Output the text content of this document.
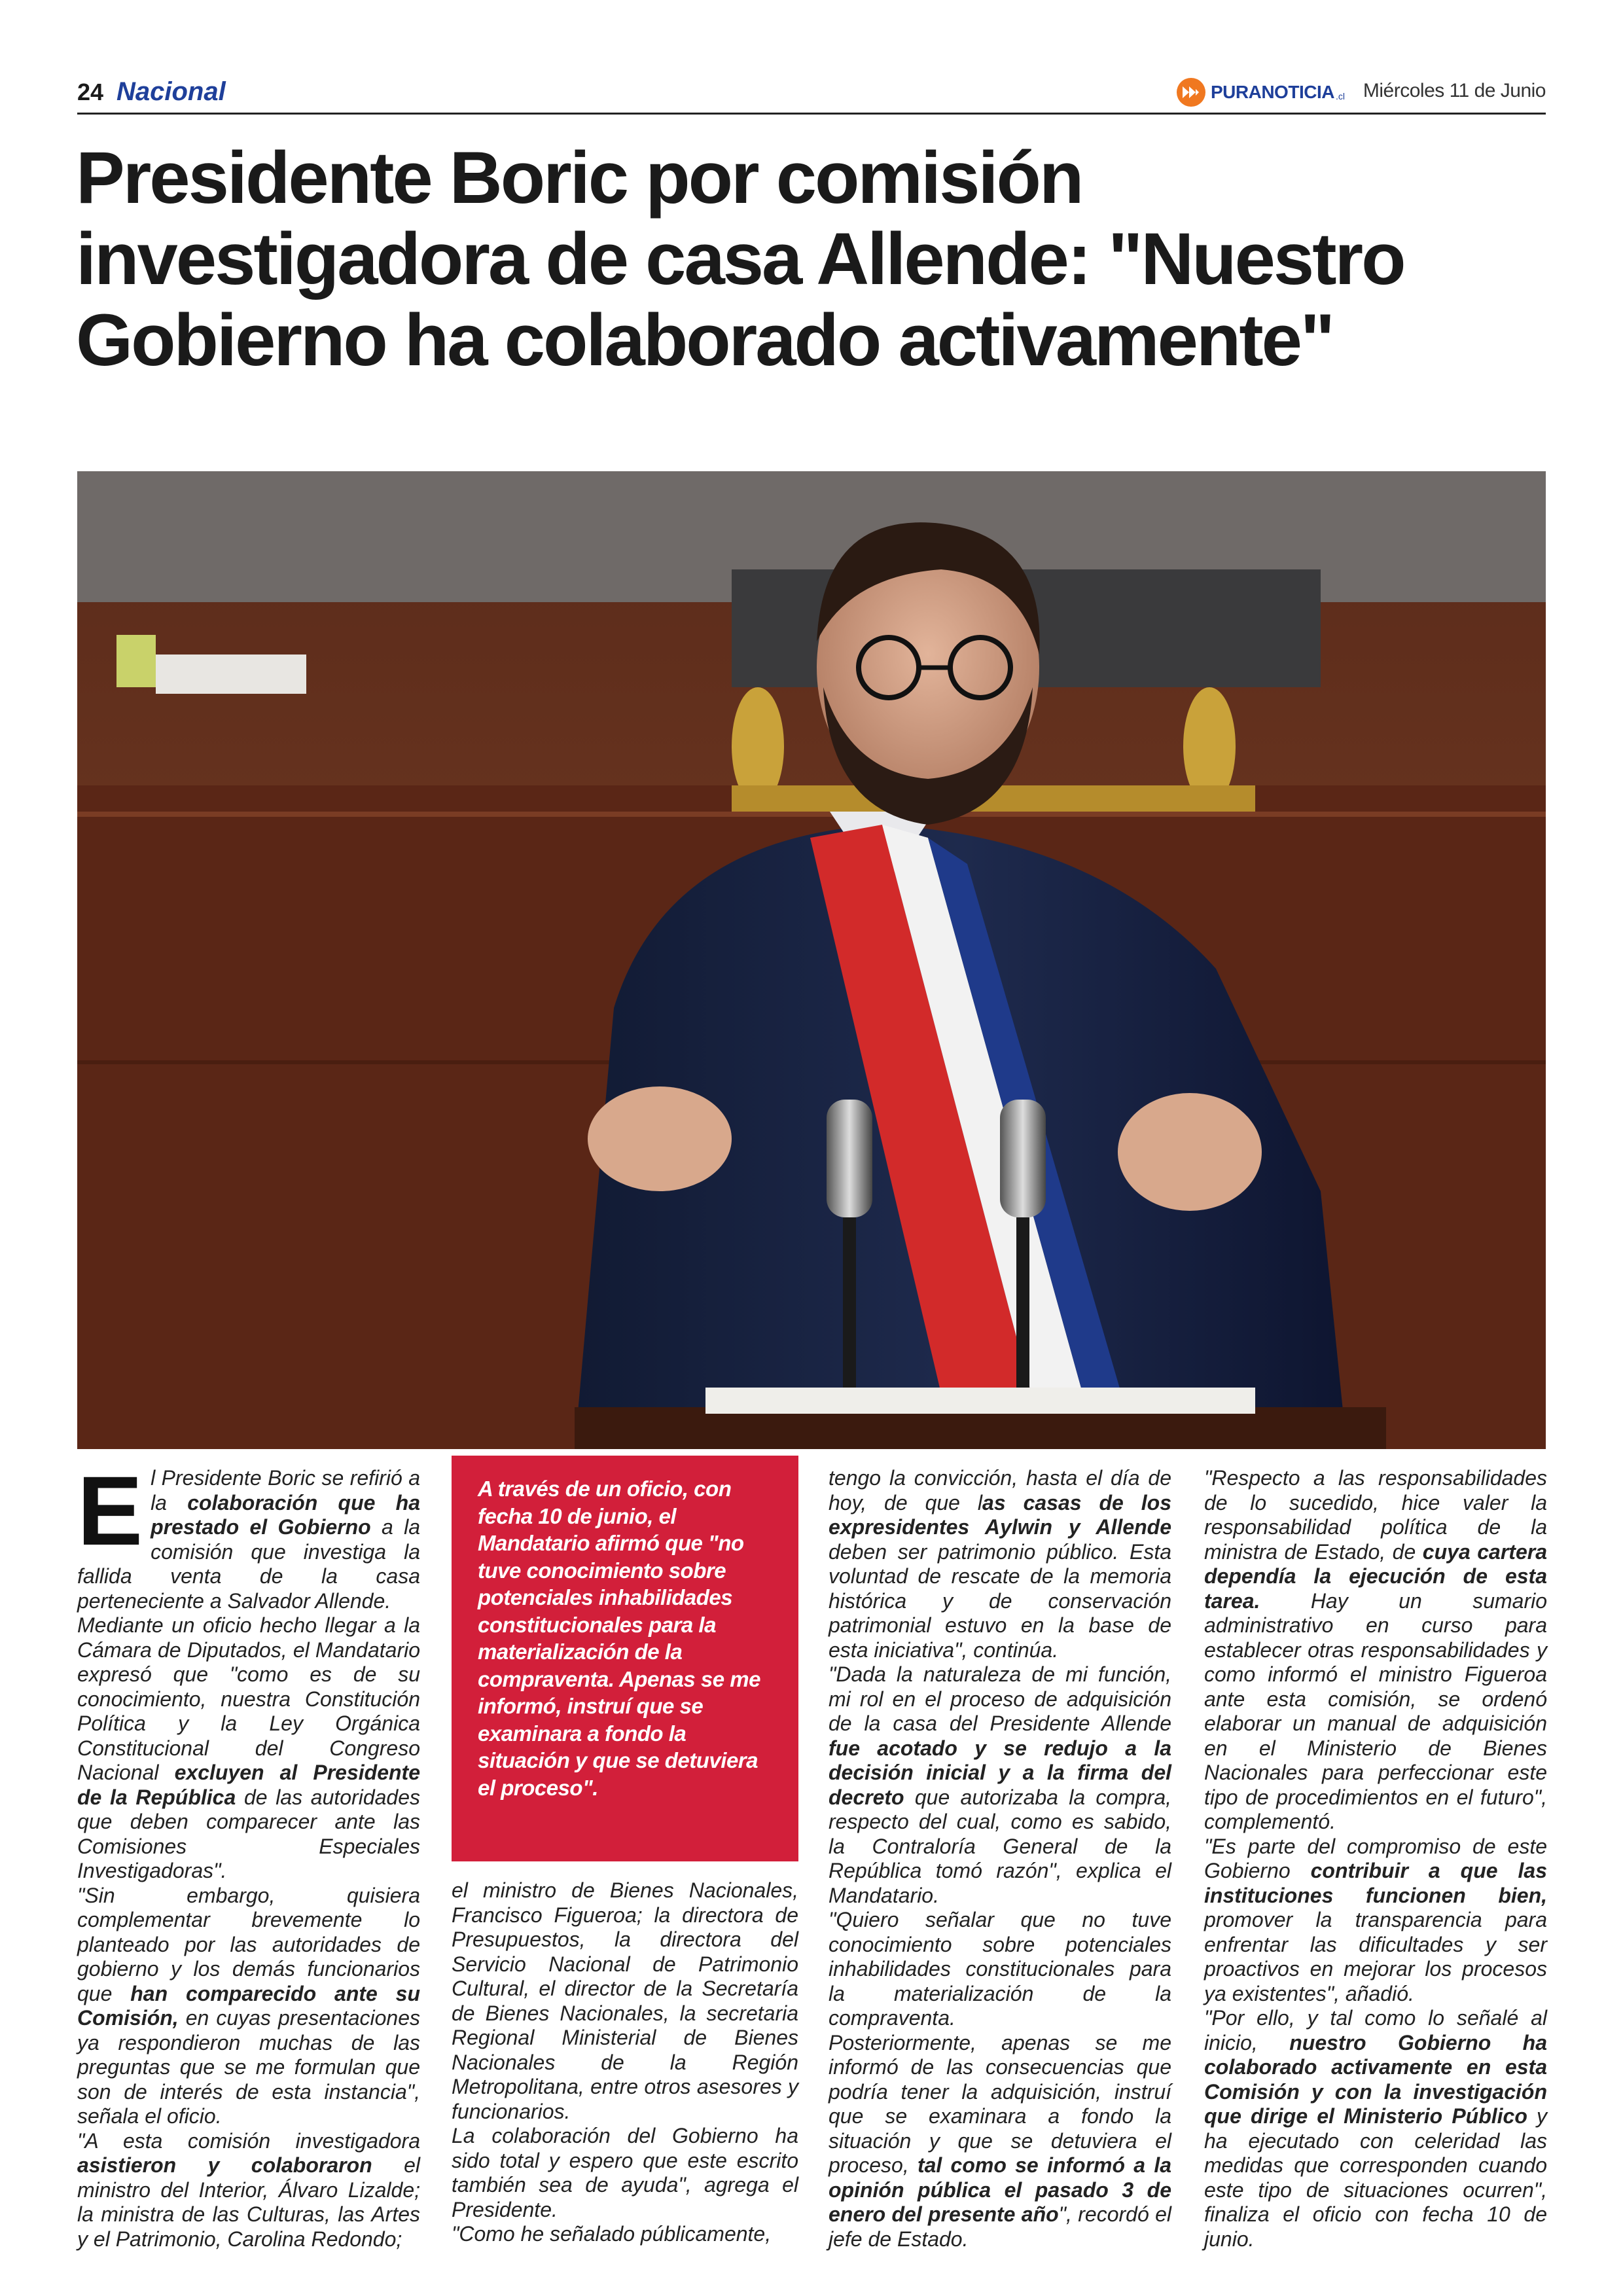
24 Nacional	PURANOTICIA .cl Miércoles 11 de Junio
Presidente Boric por comisión investigadora de casa Allende: "Nuestro Gobierno ha colaborado activamente"

El Presidente Boric se refirió a la colaboración que ha prestado el Gobierno a la comisión que investiga la fallida venta de la casa perteneciente a Salvador Allende.

Mediante un oficio hecho llegar a la Cámara de Diputados, el Mandatario expresó que "como es de su conocimiento, nuestra Constitución Política y la Ley Orgánica Constitucional del Congreso Nacional excluyen al Presidente de la República de las autoridades que deben comparecer ante las Comisiones Especiales Investigadoras".

"Sin embargo, quisiera complementar brevemente lo planteado por las autoridades de gobierno y los demás funcionarios que han comparecido ante su Comisión, en cuyas presentaciones ya respondieron muchas de las preguntas que se me formulan que son de interés de esta instancia", señala el oficio.

"A esta comisión investigadora asistieron y colaboraron el ministro del Interior, Álvaro Lizalde; la ministra de las Culturas, las Artes y el Patrimonio, Carolina Redondo;

A través de un oficio, con fecha 10 de junio, el Mandatario afirmó que "no tuve conocimiento sobre potenciales inhabilidades constitucionales para la materialización de la compraventa. Apenas se me informó, instruí que se examinara a fondo la situación y que se detuviera el proceso".

el ministro de Bienes Nacionales, Francisco Figueroa; la directora de Presupuestos, la directora del Servicio Nacional de Patrimonio Cultural, el director de la Secretaría de Bienes Nacionales, la secretaria Regional Ministerial de Bienes Nacionales de la Región Metropolitana, entre otros asesores y funcionarios.

La colaboración del Gobierno ha sido total y espero que este escrito también sea de ayuda", agrega el Presidente.

"Como he señalado públicamente,

tengo la convicción, hasta el día de hoy, de que las casas de los expresidentes Aylwin y Allende deben ser patrimonio público. Esta voluntad de rescate de la memoria histórica y de conservación patrimonial estuvo en la base de esta iniciativa", continúa.

"Dada la naturaleza de mi función, mi rol en el proceso de adquisición de la casa del Presidente Allende fue acotado y se redujo a la decisión inicial y a la firma del decreto que autorizaba la compra, respecto del cual, como es sabido, la Contraloría General de la República tomó razón", explica el Mandatario.

"Quiero señalar que no tuve conocimiento sobre potenciales inhabilidades constitucionales para la materialización de la compraventa.

Posteriormente, apenas se me informó de las consecuencias que podría tener la adquisición, instruí que se examinara a fondo la situación y que se detuviera el proceso, tal como se informó a la opinión pública el pasado 3 de enero del presente año", recordó el jefe de Estado.

"Respecto a las responsabilidades de lo sucedido, hice valer la responsabilidad política de la ministra de Estado, de cuya cartera dependía la ejecución de esta tarea. Hay un sumario administrativo en curso para establecer otras responsabilidades y como informó el ministro Figueroa ante esta comisión, se ordenó elaborar un manual de adquisición en el Ministerio de Bienes Nacionales para perfeccionar este tipo de procedimientos en el futuro", complementó.

"Es parte del compromiso de este Gobierno contribuir a que las instituciones funcionen bien, promover la transparencia para enfrentar las dificultades y ser proactivos en mejorar los procesos ya existentes", añadió.

"Por ello, y tal como lo señalé al inicio, nuestro Gobierno ha colaborado activamente en esta Comisión y con la investigación que dirige el Ministerio Público y ha ejecutado con celeridad las medidas que corresponden cuando este tipo de situaciones ocurren", finaliza el oficio con fecha 10 de junio.
